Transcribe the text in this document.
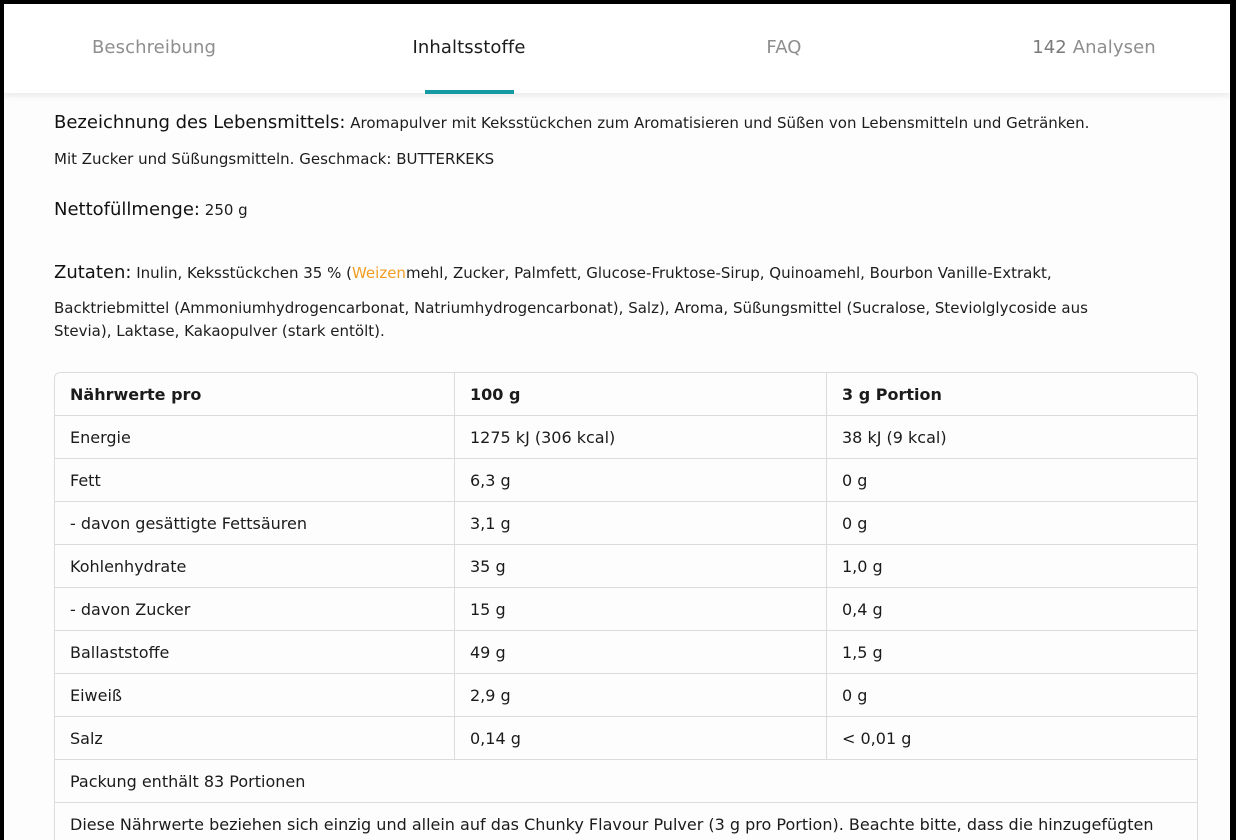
Beschreibung	Inhaltsstoffe	FAQ	142 Analysen
Bezeichnung des Lebensmittels: Aromapulver mit Keksstückchen zum Aromatisieren und Süßen von Lebensmitteln und Getränken.
Mit Zucker und Süßungsmitteln. Geschmack: BUTTERKEKS
Nettofüllmenge: 250 g
Zutaten: Inulin, Keksstückchen 35 % (Weizenmehl, Zucker, Palmfett, Glucose-Fruktose-Sirup, Quinoamehl, Bourbon Vanille-Extrakt,
Backtriebmittel (Ammoniumhydrogencarbonat, Natriumhydrogencarbonat), Salz), Aroma, Süßungsmittel (Sucralose, Steviolglycoside aus
Stevia), Laktase, Kakaopulver (stark entölt).
Nährwerte pro	100 g	3 g Portion
Energie	1275 kJ (306 kcal)	38 kJ (9 kcal)
Fett	6,3 g	0 g
- davon gesättigte Fettsäuren	3,1 g	0 g
Kohlenhydrate	35 g	1,0 g
- davon Zucker	15 g	0,4 g
Ballaststoffe	49 g	1,5 g
Eiweiß	2,9 g	0 g
Salz	0,14 g	< 0,01 g
Packung enthält 83 Portionen		
Diese Nährwerte beziehen sich einzig und allein auf das Chunky Flavour Pulver (3 g pro Portion). Beachte bitte, dass die hinzugefügten		
